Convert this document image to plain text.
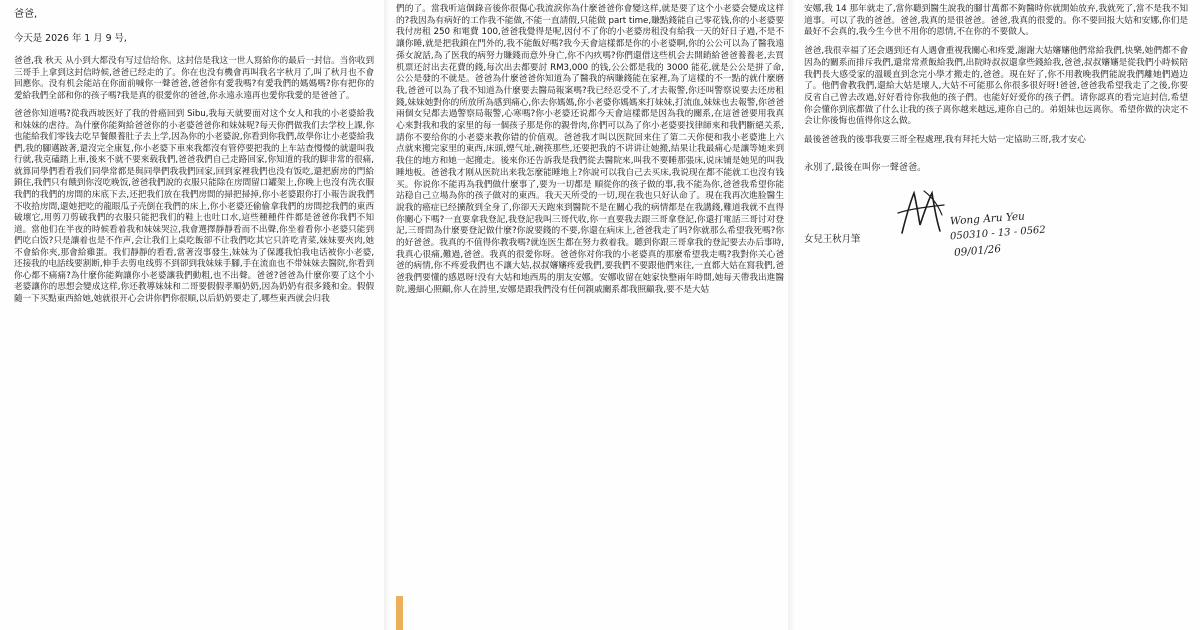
爸爸,
今天是 2026 年 1 月 9 号,

爸爸,我 秋天 从小到大都没有写过信给你。这封信是我这一世人寫給你的最后一封信。当你收到三哥手上拿到这封信時候,爸爸已经走的了。你在也没有機會再叫我名字秋月了,叫了秋月也不會回應你。没有机会能站在你面前喊你一聲爸爸,爸爸你有愛我嗎?有愛我們的媽媽嗎?你有把你的愛給我們全部和你的孩子嗎?我是真的很愛你的爸爸,你永遠永遠再也愛你我愛的是爸爸了。

爸爸你知道嗎?從我西坡医好了我的骨癌回到 Sibu,我每天就要面对这个女人和我的小老婆給我和妹妹的虐待。為什麼你能夠給爸爸你的小老婆爸爸你和妹妹呢?每天你們做我们去学校上課,你也能給我们零钱去吃早餐餵養肚子去上学,因為你的小老婆說,你看到你我們,故學你让小老婆給我們,我的腳邁跛著,還沒完全康复,你小老婆下車來我都沒有管停要把我的上车站查慢慢的就還叫我行就,我克磕踏上車,後來不就不要來载我們,爸爸我們自己走路回家,你知道的我的脚非常的很痛,就算同學們看看我们同學常都是與同學們我我們回家,回到家裡我們也没有饭吃,還把廚房的門給鎖住,我們只有餓到你沒吃晚饭,爸爸我們說的衣服只能除在房間留口罐架上,你晚上也沒有洗衣服我們的我們的房間的床底下去,还把我们放在我們房間的掃把掃掉,你小老婆跟你打小報告說我們不收拾房間,還她把吃的龍眼瓜子壳倒在我們的床上,你小老婆还偷偷拿我們的房間挖我們的東西破壞它,用剪刀剪破我們的衣服只能把我们的鞋上也吐口水,這些種種件件都是爸爸你我們不知道。當他们在半夜的時候看着我和妹妹哭泣,我會選擇靜靜看而不出聲,你坐着看你小老婆只能到們吃白饭?只是讓着也是不作声,会让我们上桌吃飯卻不让我們吃其它只許吃青菜,妹妹要夾肉,她不會給你夾,那會給雞蛋。我们靜靜的看看,當著沒事發生,妹妹为了保護我怕我电话被你小老婆,还接我的电話线要割断,伸手去剪电线剪不到卻到我妹妹手腳,手在流血也不带妹妹去醫院,你看到你心都不痛痛?為什麼你能夠讓你小老婆讓我們動粗,也不出聲。爸爸?爸爸為什麼你要了这个小老婆讓你的思想会變成这样,你还教導妹妹和二哥要假假孝順奶奶,因為奶奶有很多錢和金。假假隨一下买點東西給她,她就很开心会讲你們你很順,以后奶奶要走了,哪些東西就会归我

們的了。當我听這個錄音後你很傷心我流淚你為什麼爸爸你會變这样,就是要了这个小老婆会變成这样的?我因為有病好的工作我不能做,不能一直請假,只能做 part time,賺點錢能自己零花钱,你的小老婆要我付房租 250 和電費 100,爸爸我覺得是呢,因付不了你的小老婆房租没有給我一天的好日子過,不是不讓你睡,就是把我鎖在門外的,我不能飯好嗎?我今天會這樣都是你的小老婆啊,你的公公可以為了醫我遠孫女說話,為了医我的病努力賺錢而意外身亡,你不內疚嗎?你們還借这些机会去開銷給爸爸養養老,去買机票还討出去花費的錢,每次出去都要討 RM3,000 的钱,公公都是我的 3000 能花,就是公公是拼了命,公公是發的不就是。爸爸為什麼爸爸你知道為了醫我的病賺錢能在家裡,為了這樣的不一點的就什麼磨我,爸爸可以為了我不知道為什麼要去醫局報案嗎?我已经忍受不了,才去報警,你还叫警察说要去还房租錢,妹妹她對你的所放所為感到痛心,你去你媽媽,你小老婆你媽媽來打妹妹,打流血,妹妹也去報警,你爸爸兩個女兒都去過警察局報警,心寒嗎?你小老婆还说都今天會這樣都是因為我的關系,在這爸爸要用我真心來對我和我的家里的每一個孩子那是你的親骨肉,你們可以為了你小老婆要找律師來和我們斷絕关系,請你不要给你的小老婆来教你错的价值观。爸爸我才叫以医院回来住了第二天你便和我小老婆進上六点就來搬完家里的東西,床頭,煙气址,碗筷那些,还要把我的不讲讲让她搬,結果让我最痛心是讓等她来到我住的地方和她一起搬走。後來你还告訴我是我們從去醫院來,叫我不要睡那張床,说床铺是她见的叫我睡地板。爸爸我才刚从医院出来我怎麼能睡地上?你說可以我自己去买床,我说现在都不能就工也沒有钱买。你说你不能再為我們做什麼事了,要为一切都是 順從你的孩子做的事,我不能為你,爸爸我希望你能站稳自己立場為你的孩子做对的東西。我天天所受的一切,现在我也只好认命了。現在我再次進脸醫生說我的癌症已经擴散到全身了,你卻天天跑來到醫院不是在關心我的病情都是在我講錢,難道我就不直得你關心下嗎?一直要拿我登記,我登記我叫三哥代收,你一直要我去跟三哥拿登記,你還打電話三哥讨对登記,三哥問為什麼要登記做什麼?你說要錢的不要,你還在病床上,爸爸我走了吗?你就那么希望我死嗎?你的好爸爸。我真的不值得你教我嗎?就连医生都在努力救着我。聽到你跟三哥拿我的登記要去办后事時,我真心很痛,難過,爸爸。我真的很愛你呀。爸爸你对你我的小老婆真的那麼希望我走嗎?我對你关心爸爸的病情,你不疼爱我們也不讓大姑,叔叔嬸嬸疼爱我們,要我們不要跟他們來往,一直都大姑在寫我們,爸爸我們要懂的感恩呀!没有大姑和地西馬的朋友安娜。安娜收留在她家快整兩年時間,她每天帶我出進醫院,邊細心照顧,你人在詩里,安娜是跟我們没有任何親戚關系都我照顧我,要不是大姑

安娜,我 14 那年就走了,當你聽到醫生說我的腳廿萬都不夠醫時你就開始放弃,我就死了,當不是我不知道事。可以了我的爸爸。爸爸,我真的是很爸爸。爸爸,我真的很愛的。你不要回报大姑和安娜,你们是最好不会真的,我今生今世不用你的恩情,不在你的不要做人。

爸爸,我很幸福了还会遇到还有人遇會重视我關心和疼愛,謝謝大姑嬸嬸他們常給我們,快樂,她們都不會因為的關系而排斥我們,還常常煮飯給我們,出院時叔叔還拿些錢給我,爸爸,叔叔嬸嬸是從我們小時候陪我們長大感受家的溫暖直到念完小學才搬走的,爸爸。現在好了,你不用教晚我們能說我們離她們過边了。他們會教我們,還給大姑是壞人,大姑不可能那么你很多很好呀!爸爸,爸爸我希望我走了之後,你要反省自己曾去改過,好好看待你我他的孩子們。也能好好爱你的孩子們。请你認真的看完這封信,希望你会懂你到底都做了什么让我的孩子离你越来越远,連你自己的。弟姐妹也远离你。希望你做的决定不会让你後悔也值得你这么做。

最後爸爸我的後事我要三哥全程處理,我有拜托大姑一定協助三哥,我才安心

永別了,最後在叫你一聲爸爸。
女兒王秋月筆
Wong Aru Yeu
050310 - 13 - 0562
09/01/26
